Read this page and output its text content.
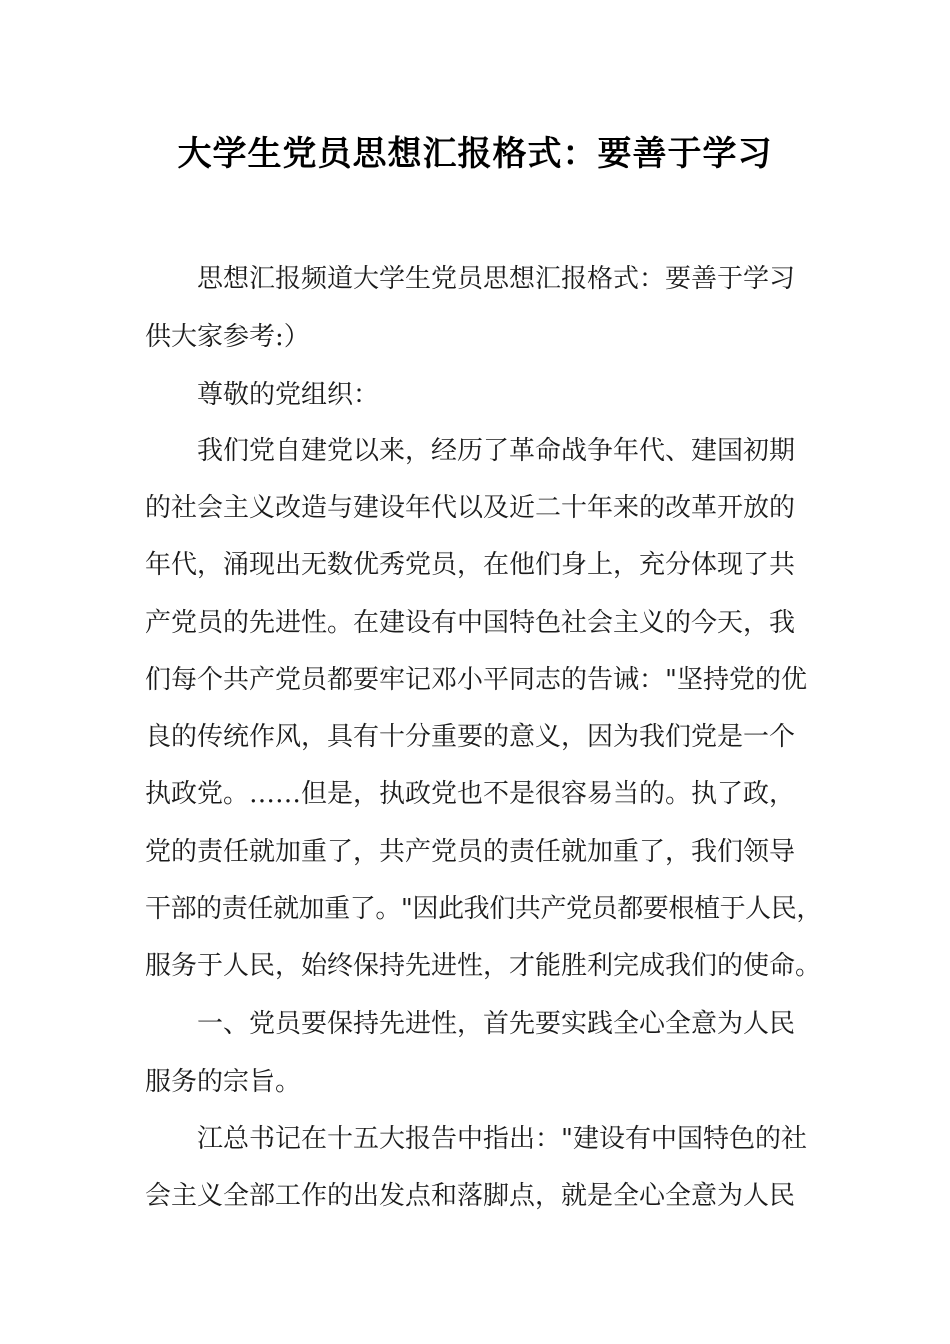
大学生党员思想汇报格式：要善于学习
思想汇报频道大学生党员思想汇报格式：要善于学习
供大家参考:）
尊敬的党组织：
我们党自建党以来，经历了革命战争年代、建国初期
的社会主义改造与建设年代以及近二十年来的改革开放的
年代，涌现出无数优秀党员，在他们身上，充分体现了共
产党员的先进性。在建设有中国特色社会主义的今天，我
们每个共产党员都要牢记邓小平同志的告诫："坚持党的优
良的传统作风，具有十分重要的意义，因为我们党是一个
执政党。……但是，执政党也不是很容易当的。执了政，
党的责任就加重了，共产党员的责任就加重了，我们领导
干部的责任就加重了。"因此我们共产党员都要根植于人民，
服务于人民，始终保持先进性，才能胜利完成我们的使命。
一、党员要保持先进性，首先要实践全心全意为人民
服务的宗旨。
江总书记在十五大报告中指出："建设有中国特色的社
会主义全部工作的出发点和落脚点，就是全心全意为人民
